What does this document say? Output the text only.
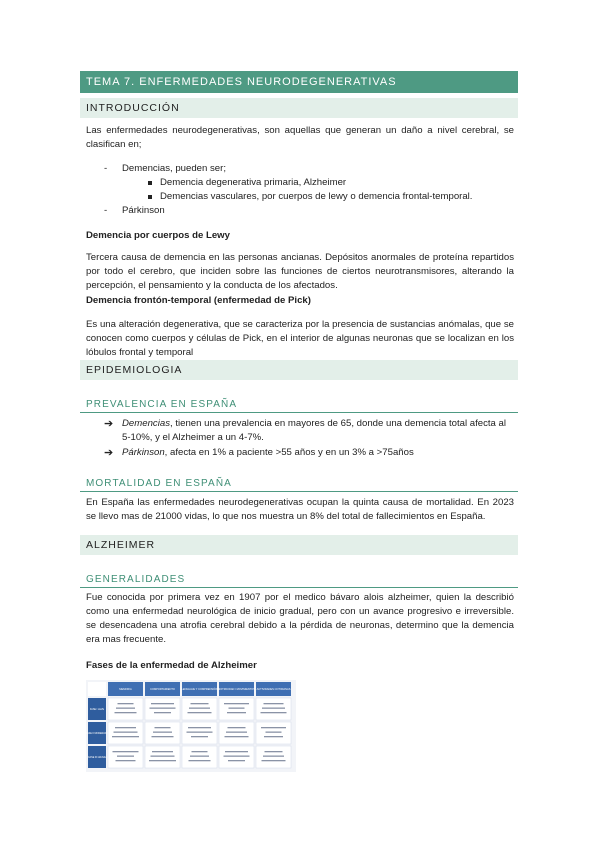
TEMA 7. ENFERMEDADES NEURODEGENERATIVAS
INTRODUCCIÓN
Las enfermedades neurodegenerativas, son aquellas que generan un daño a nivel cerebral, se clasifican en;
- Demencias, pueden ser;
Demencia degenerativa primaria, Alzheimer
Demencias vasculares, por cuerpos de lewy o demencia frontal-temporal.
- Párkinson
Demencia por cuerpos de Lewy
Tercera causa de demencia en las personas ancianas. Depósitos anormales de proteína repartidos por todo el cerebro, que inciden sobre las funciones de ciertos neurotransmisores, alterando la percepción, el pensamiento y la conducta de los afectados.
Demencia frontón-temporal (enfermedad de Pick)
Es una alteración degenerativa, que se caracteriza por la presencia de sustancias anómalas, que se conocen como cuerpos y células de Pick, en el interior de algunas neuronas que se localizan en los lóbulos frontal y temporal
EPIDEMIOLOGIA
PREVALENCIA EN ESPAÑA
➔ Demencias, tienen una prevalencia en mayores de 65, donde una demencia total afecta al 5-10%, y el Alzheimer a un 4-7%.
➔ Párkinson, afecta en 1% a paciente >55 años y en un 3% a >75años
MORTALIDAD EN ESPAÑA
En España las enfermedades neurodegenerativas ocupan la quinta causa de mortalidad. En 2023 se llevo mas de 21000 vidas, lo que nos muestra un 8% del total de fallecimientos en España.
ALZHEIMER
GENERALIDADES
Fue conocida por primera vez en 1907 por el medico bávaro alois alzheimer, quien la describió como una enfermedad neurológica de inicio gradual, pero con un avance progresivo e irreversible. se desencadena una atrofia cerebral debido a la pérdida de neuronas, determino que la demencia era mas frecuente.
Fases de la enfermedad de Alzheimer
MEMORIA	COMPORTAMIENTO LENGUAJE Y COMPRENSIÓN MOTRICIDAD / MOVIMIENTOS ACTIVIDADES COTIDIANAS
FASE I LEVE
FASE II MODERADA
FASE III GRAVE
